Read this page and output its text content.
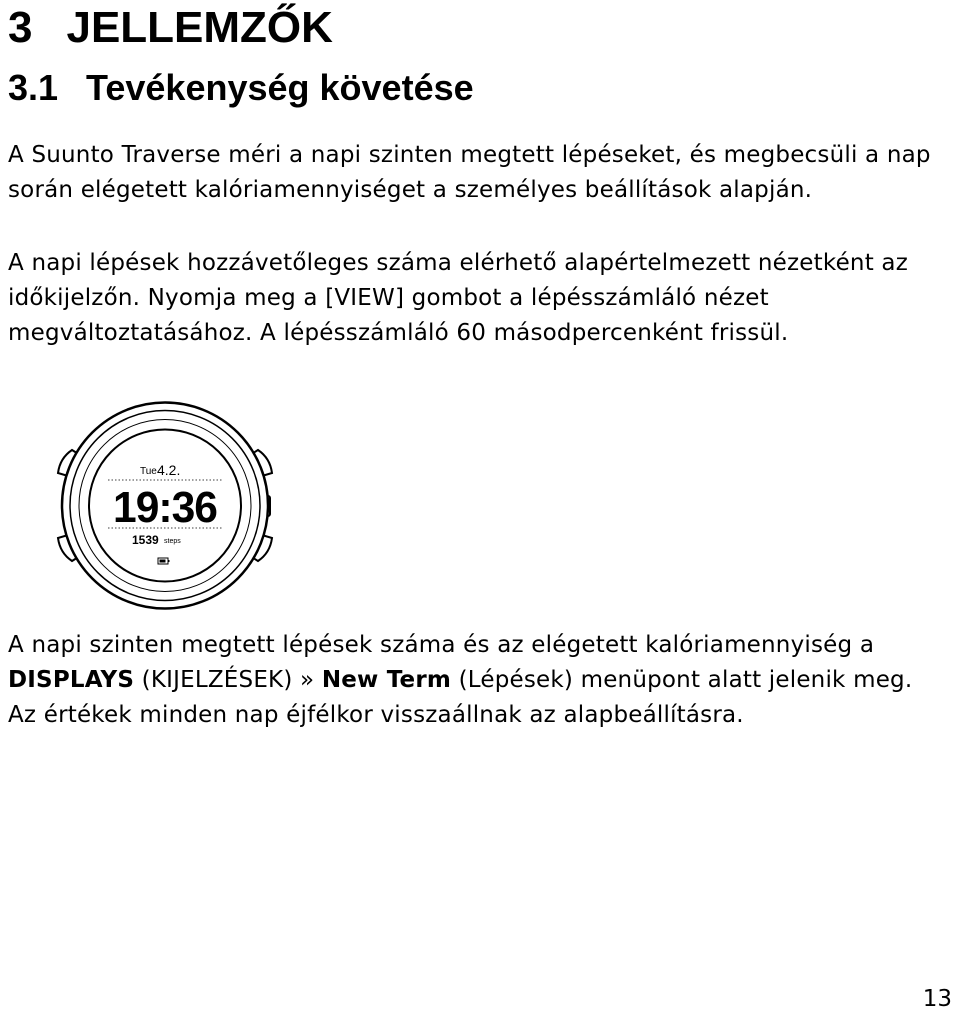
3 JELLEMZŐK
3.1 Tevékenység követése

A Suunto Traverse méri a napi szinten megtett lépéseket, és megbecsüli a nap során elégetett kalóriamennyiséget a személyes beállítások alapján.

A napi lépések hozzávetőleges száma elérhető alapértelmezett nézetként az időkijelzőn. Nyomja meg a [VIEW] gombot a lépésszámláló nézet megváltoztatásához. A lépésszámláló 60 másodpercenként frissül.

Tue 4.2.
19:36
1539 steps

A napi szinten megtett lépések száma és az elégetett kalóriamennyiség a DISPLAYS (KIJELZÉSEK) » New Term (Lépések) menüpont alatt jelenik meg. Az értékek minden nap éjfélkor visszaállnak az alapbeállításra.

13
